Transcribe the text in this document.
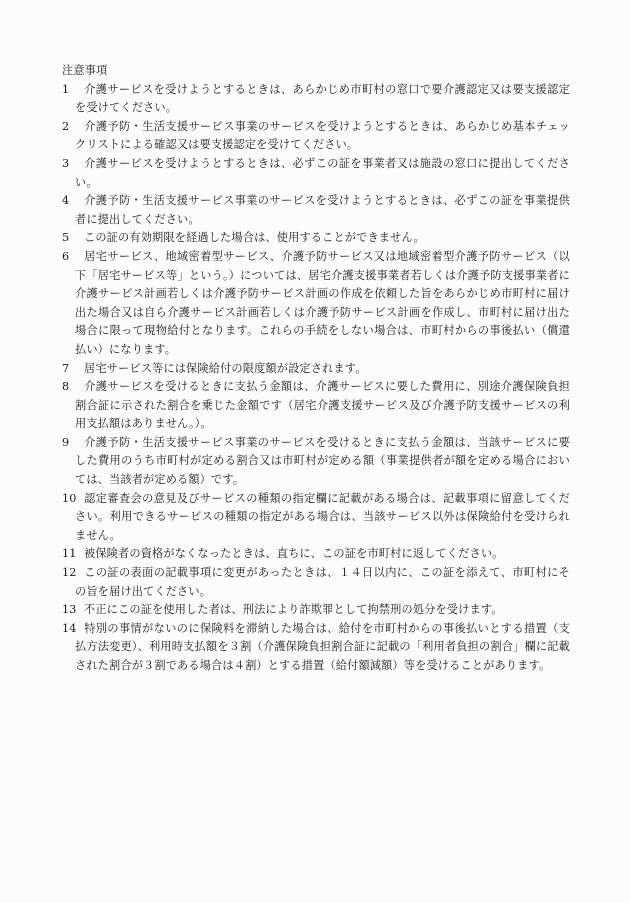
注意事項
1	介護サービスを受けようとするときは、あらかじめ市町村の窓口で要介護認定又は要支援認定を受けてください。
2	介護予防・生活支援サービス事業のサービスを受けようとするときは、あらかじめ基本チェックリストによる確認又は要支援認定を受けてください。
3	介護サービスを受けようとするときは、必ずこの証を事業者又は施設の窓口に提出してください。
4	介護予防・生活支援サービス事業のサービスを受けようとするときは、必ずこの証を事業提供者に提出してください。
5	この証の有効期限を経過した場合は、使用することができません。
6	居宅サービス、地域密着型サービス、介護予防サービス又は地域密着型介護予防サービス（以下「居宅サービス等」という。）については、居宅介護支援事業者若しくは介護予防支援事業者に介護サービス計画若しくは介護予防サービス計画の作成を依頼した旨をあらかじめ市町村に届け出た場合又は自ら介護サービス計画若しくは介護予防サービス計画を作成し、市町村に届け出た場合に限って現物給付となります。これらの手続をしない場合は、市町村からの事後払い（償還払い）になります。
7	居宅サービス等には保険給付の限度額が設定されます。
8	介護サービスを受けるときに支払う金額は、介護サービスに要した費用に、別途介護保険負担割合証に示された割合を乗じた金額です（居宅介護支援サービス及び介護予防支援サービスの利用支払額はありません。）。
9	介護予防・生活支援サービス事業のサービスを受けるときに支払う金額は、当該サービスに要した費用のうち市町村が定める割合又は市町村が定める額（事業提供者が額を定める場合においては、当該者が定める額）です。
10 認定審査会の意見及びサービスの種類の指定欄に記載がある場合は、記載事項に留意してください。利用できるサービスの種類の指定がある場合は、当該サービス以外は保険給付を受けられません。
11 被保険者の資格がなくなったときは、直ちに、この証を市町村に返してください。
12 この証の表面の記載事項に変更があったときは、１４日以内に、この証を添えて、市町村にその旨を届け出てください。
13 不正にこの証を使用した者は、刑法により詐欺罪として拘禁刑の処分を受けます。
14 特別の事情がないのに保険料を滞納した場合は、給付を市町村からの事後払いとする措置（支払方法変更）、利用時支払額を３割（介護保険負担割合証に記載の「利用者負担の割合」欄に記載された割合が３割である場合は４割）とする措置（給付額減額）等を受けることがあります。
